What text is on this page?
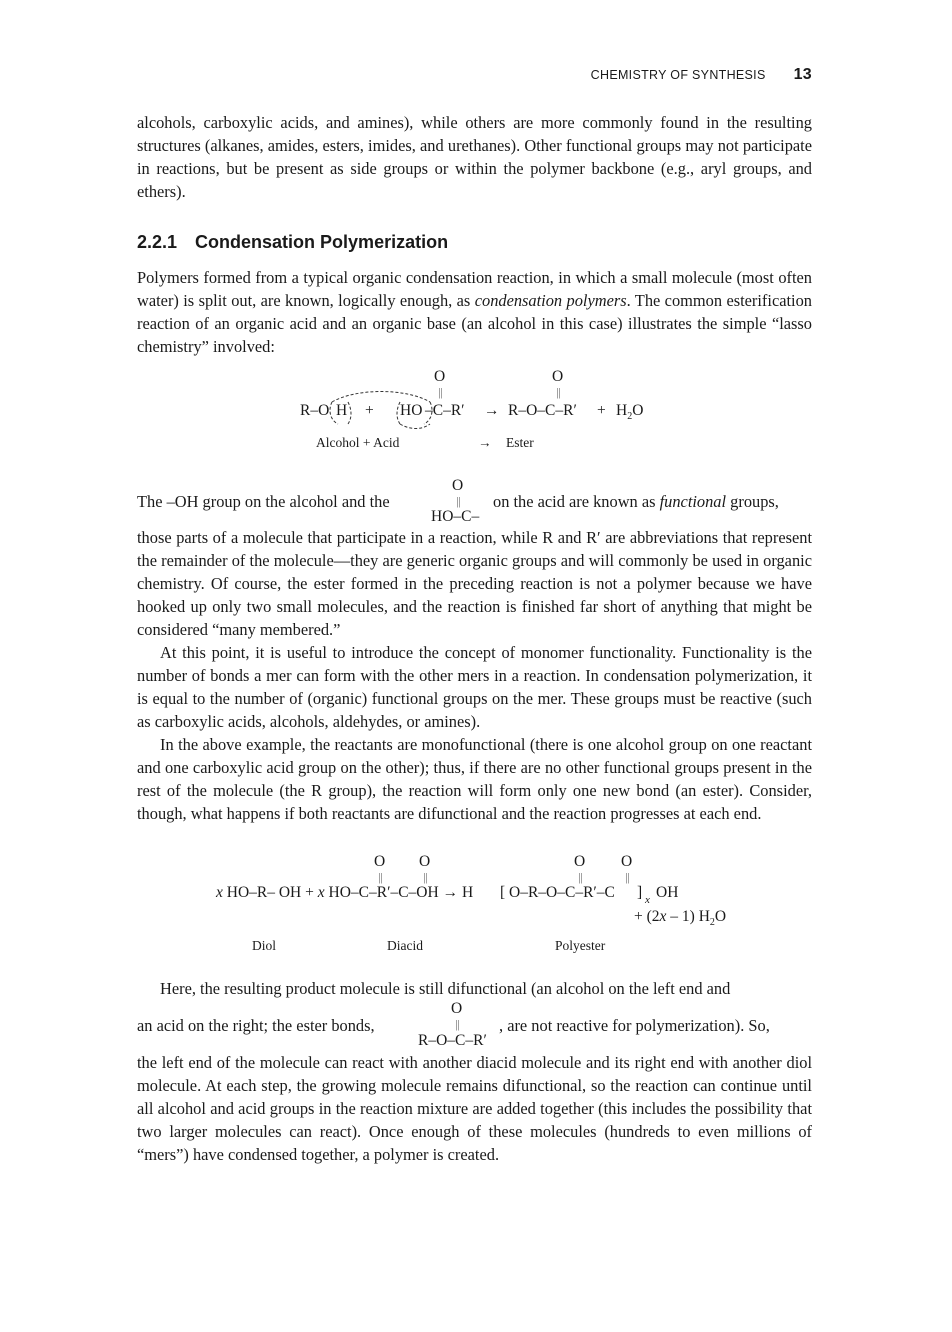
CHEMISTRY OF SYNTHESIS 13

alcohols, carboxylic acids, and amines), while others are more commonly found in the resulting structures (alkanes, amides, esters, imides, and urethanes). Other functional groups may not participate in reactions, but be present as side groups or within the polymer backbone (e.g., aryl groups, and ethers).

2.2.1 Condensation Polymerization

Polymers formed from a typical organic condensation reaction, in which a small molecule (most often water) is split out, are known, logically enough, as condensation polymers. The common esterification reaction of an organic acid and an organic base (an alcohol in this case) illustrates the simple “lasso chemistry” involved:

O
||
O
||
R–O H + HO $-C-R' \to R-O-C-R' + H_2O$
Alcohol + Acid	→ Ester
The –OH group on the alcohol and the
O
||
HO–C–
on the acid are known as functional groups,

those parts of a molecule that participate in a reaction, while R and R′ are abbreviations that represent the remainder of the molecule—they are generic organic groups and will commonly be used in organic chemistry. Of course, the ester formed in the preceding reaction is not a polymer because we have hooked up only two small molecules, and the reaction is finished far short of anything that might be considered “many membered.”

At this point, it is useful to introduce the concept of monomer functionality. Functionality is the number of bonds a mer can form with the other mers in a reaction. In condensation polymerization, it is equal to the number of (organic) functional groups on the mer. These groups must be reactive (such as carboxylic acids, alcohols, aldehydes, or amines).

In the above example, the reactants are monofunctional (there is one alcohol group on one reactant and one carboxylic acid group on the other); thus, if there are no other functional groups present in the rest of the molecule (the R group), the reaction will form only one new bond (an ester). Consider, though, what happens if both reactants are difunctional and the reaction progresses at each end.

O
||
O
||
O
||
O
||
x HO–R– OH + x HO–C–R′–C–OH → H [ O–R–O–C–R′–C ] x OH
+ (2x – 1) $H_2O$
Diol	Diacid	Polyester

Here, the resulting product molecule is still difunctional (an alcohol on the left end and

an acid on the right; the ester bonds,
O
||
R–O–C–R′
, are not reactive for polymerization). So,

the left end of the molecule can react with another diacid molecule and its right end with another diol molecule. At each step, the growing molecule remains difunctional, so the reaction can continue until all alcohol and acid groups in the reaction mixture are added together (this includes the possibility that two larger molecules can react). Once enough of these molecules (hundreds to even millions of “mers”) have condensed together, a polymer is created.
